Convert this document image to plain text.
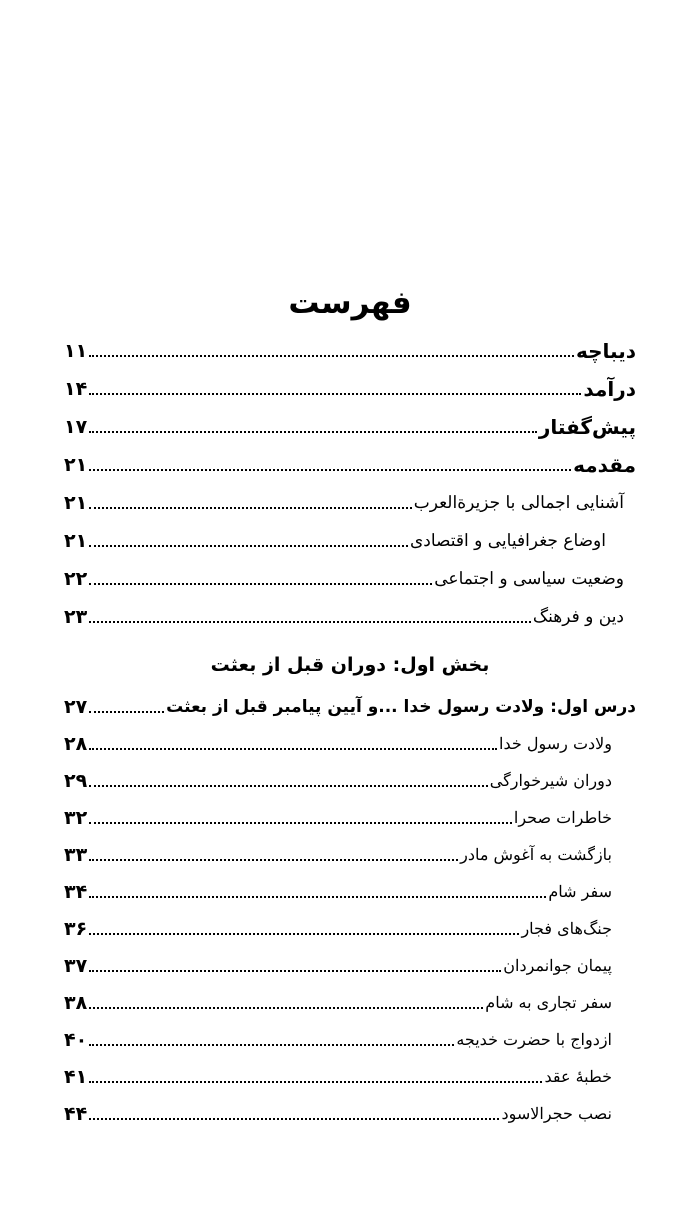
فهرست
دیباچه
۱۱
درآمد
۱۴
پیش‌گفتار
۱۷
مقدمه
۲۱
آشنایی اجمالی با جزیرةالعرب
۲۱
اوضاع جغرافیایی و اقتصادی
۲۱
وضعیت سیاسی و اجتماعی
۲۲
دین و فرهنگ
۲۳
بخش اول: دوران قبل از بعثت
درس اول: ولادت رسول خدا ...و آیین پیامبر قبل از بعثت
۲۷
ولادت رسول خدا
۲۸
دوران شیرخوارگی
۲۹
خاطرات صحرا
۳۲
بازگشت به آغوش مادر
۳۳
سفر شام
۳۴
جنگ‌های فجار
۳۶
پیمان جوانمردان
۳۷
سفر تجاری به شام
۳۸
ازدواج با حضرت خدیجه
۴۰
خطبهٔ عقد
۴۱
نصب حجرالاسود
۴۴
